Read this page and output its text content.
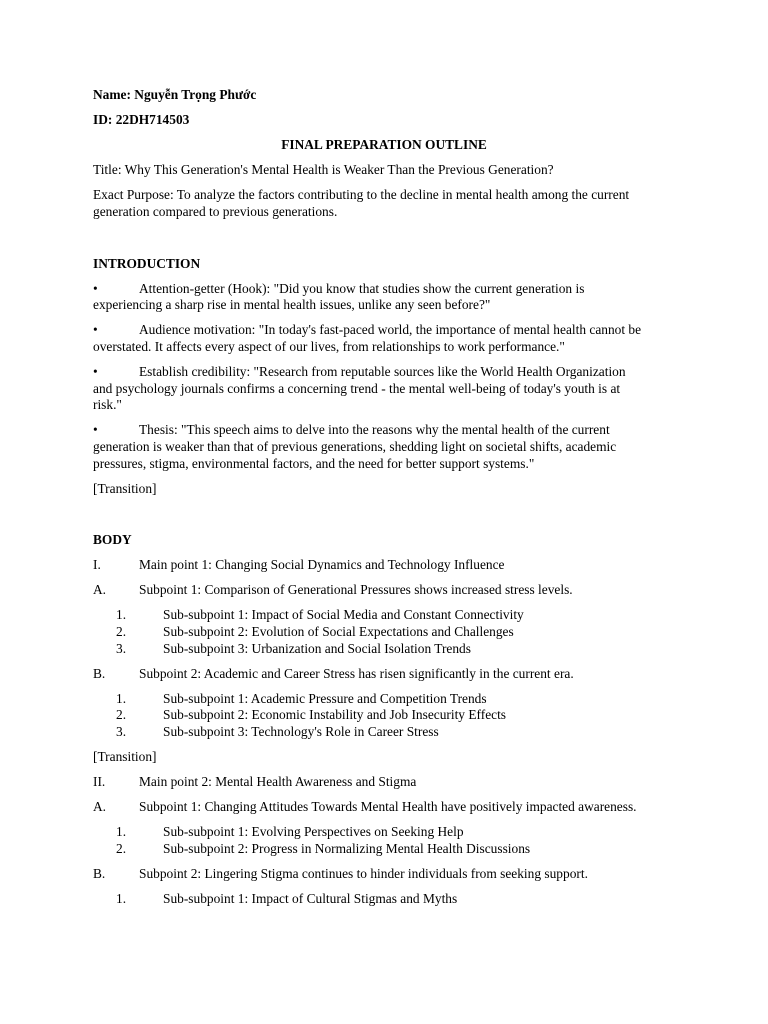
Name: Nguyễn Trọng Phước

ID: 22DH714503

FINAL PREPARATION OUTLINE

Title: Why This Generation's Mental Health is Weaker Than the Previous Generation?

Exact Purpose: To analyze the factors contributing to the decline in mental health among the current
generation compared to previous generations.

INTRODUCTION

•	Attention-getter (Hook): "Did you know that studies show the current generation is

experiencing a sharp rise in mental health issues, unlike any seen before?"

•	Audience motivation: "In today's fast-paced world, the importance of mental health cannot be

overstated. It affects every aspect of our lives, from relationships to work performance."

•	Establish credibility: "Research from reputable sources like the World Health Organization

and psychology journals confirms a concerning trend - the mental well-being of today's youth is at

risk."

•	Thesis: "This speech aims to delve into the reasons why the mental health of the current

generation is weaker than that of previous generations, shedding light on societal shifts, academic

pressures, stigma, environmental factors, and the need for better support systems."

[Transition]

BODY

I.	Main point 1: Changing Social Dynamics and Technology Influence
A.	Subpoint 1: Comparison of Generational Pressures shows increased stress levels.
1.	Sub-subpoint 1: Impact of Social Media and Constant Connectivity
2.	Sub-subpoint 2: Evolution of Social Expectations and Challenges
3.	Sub-subpoint 3: Urbanization and Social Isolation Trends
B.	Subpoint 2: Academic and Career Stress has risen significantly in the current era.
1.	Sub-subpoint 1: Academic Pressure and Competition Trends
2.	Sub-subpoint 2: Economic Instability and Job Insecurity Effects
3.	Sub-subpoint 3: Technology's Role in Career Stress

[Transition]

II.	Main point 2: Mental Health Awareness and Stigma
A.	Subpoint 1: Changing Attitudes Towards Mental Health have positively impacted awareness.
1.	Sub-subpoint 1: Evolving Perspectives on Seeking Help
2.	Sub-subpoint 2: Progress in Normalizing Mental Health Discussions
B.	Subpoint 2: Lingering Stigma continues to hinder individuals from seeking support.
1.	Sub-subpoint 1: Impact of Cultural Stigmas and Myths
